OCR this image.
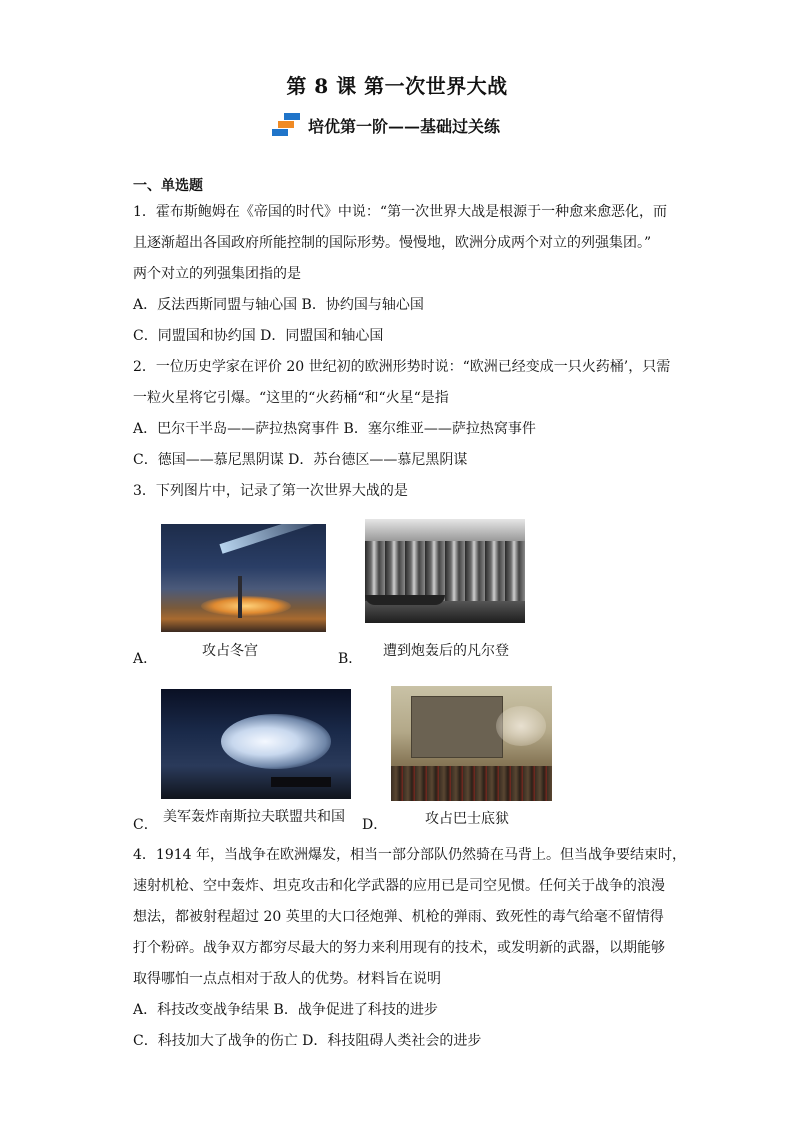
第 8 课 第一次世界大战
培优第一阶——基础过关练
一、单选题
1．霍布斯鲍姆在《帝国的时代》中说：“第一次世界大战是根源于一种愈来愈恶化，而
且逐渐超出各国政府所能控制的国际形势。慢慢地，欧洲分成两个对立的列强集团。”
两个对立的列强集团指的是
A．反法西斯同盟与轴心国 B．协约国与轴心国
C．同盟国和协约国 D．同盟国和轴心国
2．一位历史学家在评价 20 世纪初的欧洲形势时说：“欧洲已经变成一只火药桶’，只需
一粒火星将它引爆。“这里的“火药桶“和“火星“是指
A．巴尔干半岛——萨拉热窝事件 B．塞尔维亚——萨拉热窝事件
C．德国——慕尼黑阴谋 D．苏台德区——慕尼黑阴谋
3．下列图片中，记录了第一次世界大战的是
A．	攻占冬宫	B． 遭到炮轰后的凡尔登
C． 美军轰炸南斯拉夫联盟共和国 D．	攻占巴士底狱
4．1914 年，当战争在欧洲爆发，相当一部分部队仍然骑在马背上。但当战争要结束时，
速射机枪、空中轰炸、坦克攻击和化学武器的应用已是司空见惯。任何关于战争的浪漫
想法，都被射程超过 20 英里的大口径炮弹、机枪的弹雨、致死性的毒气给毫不留情得
打个粉碎。战争双方都穷尽最大的努力来利用现有的技术，或发明新的武器，以期能够
取得哪怕一点点相对于敌人的优势。材料旨在说明
A．科技改变战争结果 B．战争促进了科技的进步
C．科技加大了战争的伤亡 D．科技阻碍人类社会的进步
